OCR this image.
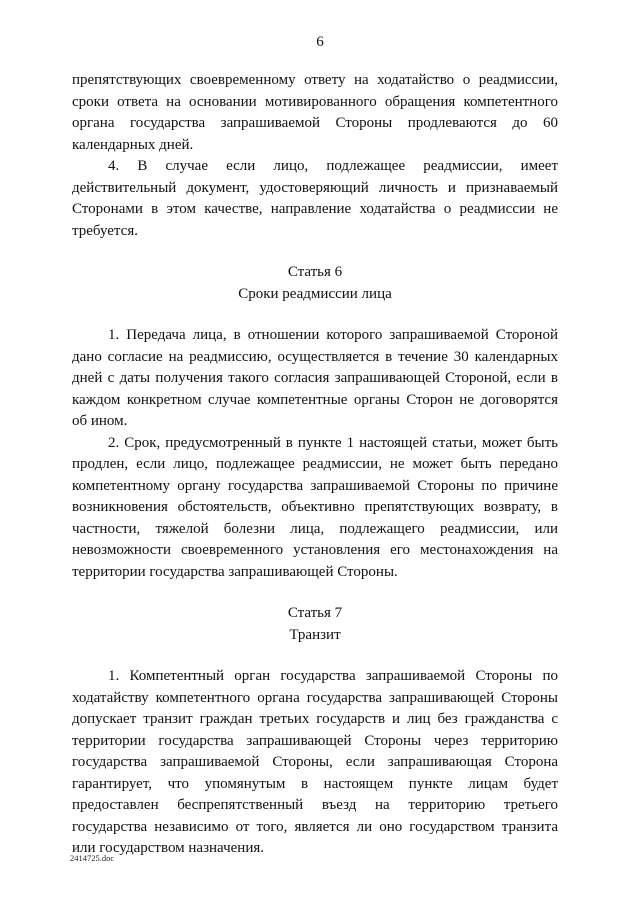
6

препятствующих своевременному ответу на ходатайство о реадмиссии, сроки ответа на основании мотивированного обращения компетентного органа государства запрашиваемой Стороны продлеваются до 60 календарных дней.

4. В случае если лицо, подлежащее реадмиссии, имеет действительный документ, удостоверяющий личность и признаваемый Сторонами в этом качестве, направление ходатайства о реадмиссии не требуется.

Статья 6

Сроки реадмиссии лица

1. Передача лица, в отношении которого запрашиваемой Стороной дано согласие на реадмиссию, осуществляется в течение 30 календарных дней с даты получения такого согласия запрашивающей Стороной, если в каждом конкретном случае компетентные органы Сторон не договорятся об ином.

2. Срок, предусмотренный в пункте 1 настоящей статьи, может быть продлен, если лицо, подлежащее реадмиссии, не может быть передано компетентному органу государства запрашиваемой Стороны по причине возникновения обстоятельств, объективно препятствующих возврату, в частности, тяжелой болезни лица, подлежащего реадмиссии, или невозможности своевременного установления его местонахождения на территории государства запрашивающей Стороны.

Статья 7

Транзит

1. Компетентный орган государства запрашиваемой Стороны по ходатайству компетентного органа государства запрашивающей Стороны допускает транзит граждан третьих государств и лиц без гражданства с территории государства запрашивающей Стороны через территорию государства запрашиваемой Стороны, если запрашивающая Сторона гарантирует, что упомянутым в настоящем пункте лицам будет предоставлен беспрепятственный въезд на территорию третьего государства независимо от того, является ли оно государством транзита или государством назначения.

2414725.doc
